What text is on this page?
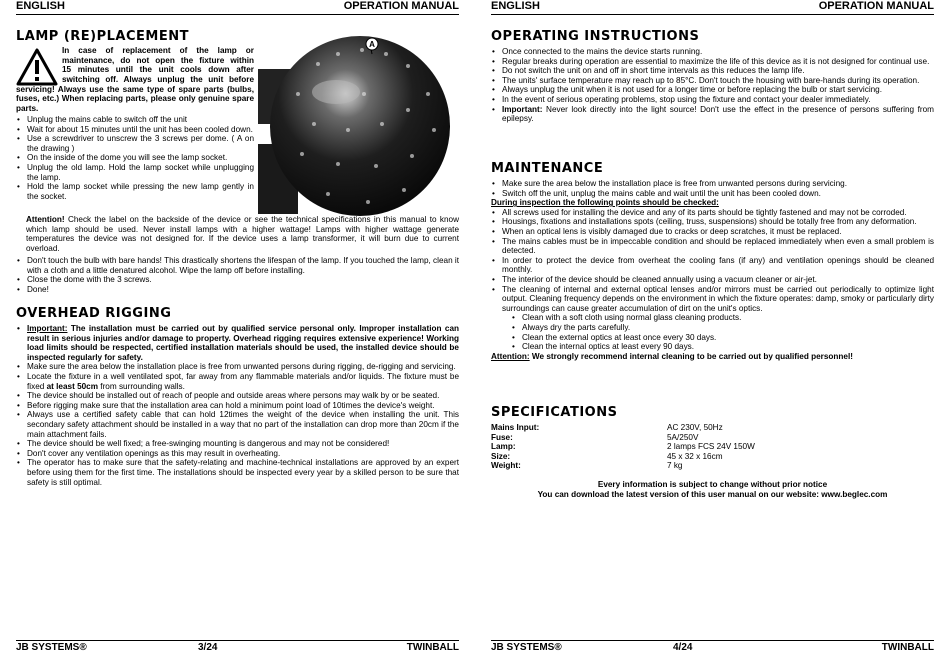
ENGLISH	OPERATION MANUAL
LAMP (RE)PLACEMENT
In case of replacement of the lamp or
maintenance, do not open the fixture within
15 minutes until the unit cools down after
switching off. Always unplug the unit before
A

servicing! Always use the same type of spare parts (bulbs, fuses, etc.) When replacing parts, please only genuine spare parts.

• Unplug the mains cable to switch off the unit
• Wait for about 15 minutes until the unit has been cooled down.
• Use a screwdriver to unscrew the 3 screws per dome. ( A on the drawing )
• On the inside of the dome you will see the lamp socket.
• Unplug the old lamp. Hold the lamp socket while unplugging the lamp.
• Hold the lamp socket while pressing the new lamp gently in the socket.

Attention! Check the label on the backside of the device or see the technical specifications in this manual to know which lamp should be used. Never install lamps with a higher wattage! Lamps with higher wattage generate temperatures the device was not designed for. If the device uses a lamp transformer, it will burn due to current overload.

• Don't touch the bulb with bare hands! This drastically shortens the lifespan of the lamp. If you touched the lamp, clean it with a cloth and a little denatured alcohol. Wipe the lamp off before installing.
• Close the dome with the 3 screws.
• Done!
OVERHEAD RIGGING
• Important: The installation must be carried out by qualified service personal only. Improper installation can result in serious injuries and/or damage to property. Overhead rigging requires extensive experience! Working load limits should be respected, certified installation materials should be used, the installed device should be inspected regularly for safety.
• Make sure the area below the installation place is free from unwanted persons during rigging, de-rigging and servicing.
• Locate the fixture in a well ventilated spot, far away from any flammable materials and/or liquids. The fixture must be fixed at least 50cm from surrounding walls.
• The device should be installed out of reach of people and outside areas where persons may walk by or be seated.
• Before rigging make sure that the installation area can hold a minimum point load of 10times the device's weight.
• Always use a certified safety cable that can hold 12times the weight of the device when installing the unit. This secondary safety attachment should be installed in a way that no part of the installation can drop more than 20cm if the main attachment fails.
• The device should be well fixed; a free-swinging mounting is dangerous and may not be considered!
• Don't cover any ventilation openings as this may result in overheating.
• The operator has to make sure that the safety-relating and machine-technical installations are approved by an expert before using them for the first time. The installations should be inspected every year by a skilled person to be sure that safety is still optimal.
JB SYSTEMS®	3/24	TWINBALL
ENGLISH	OPERATION MANUAL
OPERATING INSTRUCTIONS
• Once connected to the mains the device starts running.
• Regular breaks during operation are essential to maximize the life of this device as it is not designed for continual use.
• Do not switch the unit on and off in short time intervals as this reduces the lamp life.
• The units' surface temperature may reach up to 85°C. Don't touch the housing with bare-hands during its operation.
• Always unplug the unit when it is not used for a longer time or before replacing the bulb or start servicing.
• In the event of serious operating problems, stop using the fixture and contact your dealer immediately.
• Important: Never look directly into the light source! Don't use the effect in the presence of persons suffering from epilepsy.
MAINTENANCE
• Make sure the area below the installation place is free from unwanted persons during servicing.
• Switch off the unit, unplug the mains cable and wait until the unit has been cooled down.

During inspection the following points should be checked:

• All screws used for installing the device and any of its parts should be tightly fastened and may not be corroded.
• Housings, fixations and installations spots (ceiling, truss, suspensions) should be totally free from any deformation.
• When an optical lens is visibly damaged due to cracks or deep scratches, it must be replaced.
• The mains cables must be in impeccable condition and should be replaced immediately when even a small problem is detected.
• In order to protect the device from overheat the cooling fans (if any) and ventilation openings should be cleaned monthly.
• The interior of the device should be cleaned annually using a vacuum cleaner or air-jet.
• The cleaning of internal and external optical lenses and/or mirrors must be carried out periodically to optimize light output. Cleaning frequency depends on the environment in which the fixture operates: damp, smoky or particularly dirty surroundings can cause greater accumulation of dirt on the unit's optics.
• Clean with a soft cloth using normal glass cleaning products.
• Always dry the parts carefully.
• Clean the external optics at least once every 30 days.
• Clean the internal optics at least every 90 days.

Attention: We strongly recommend internal cleaning to be carried out by qualified personnel!

SPECIFICATIONS
Mains Input:	AC 230V, 50Hz
Fuse:	5A/250V
Lamp:	2 lamps FCS 24V 150W
Size:	45 x 32 x 16cm
Weight:	7 kg

Every information is subject to change without prior notice

You can download the latest version of this user manual on our website: www.beglec.com

JB SYSTEMS®	4/24	TWINBALL
